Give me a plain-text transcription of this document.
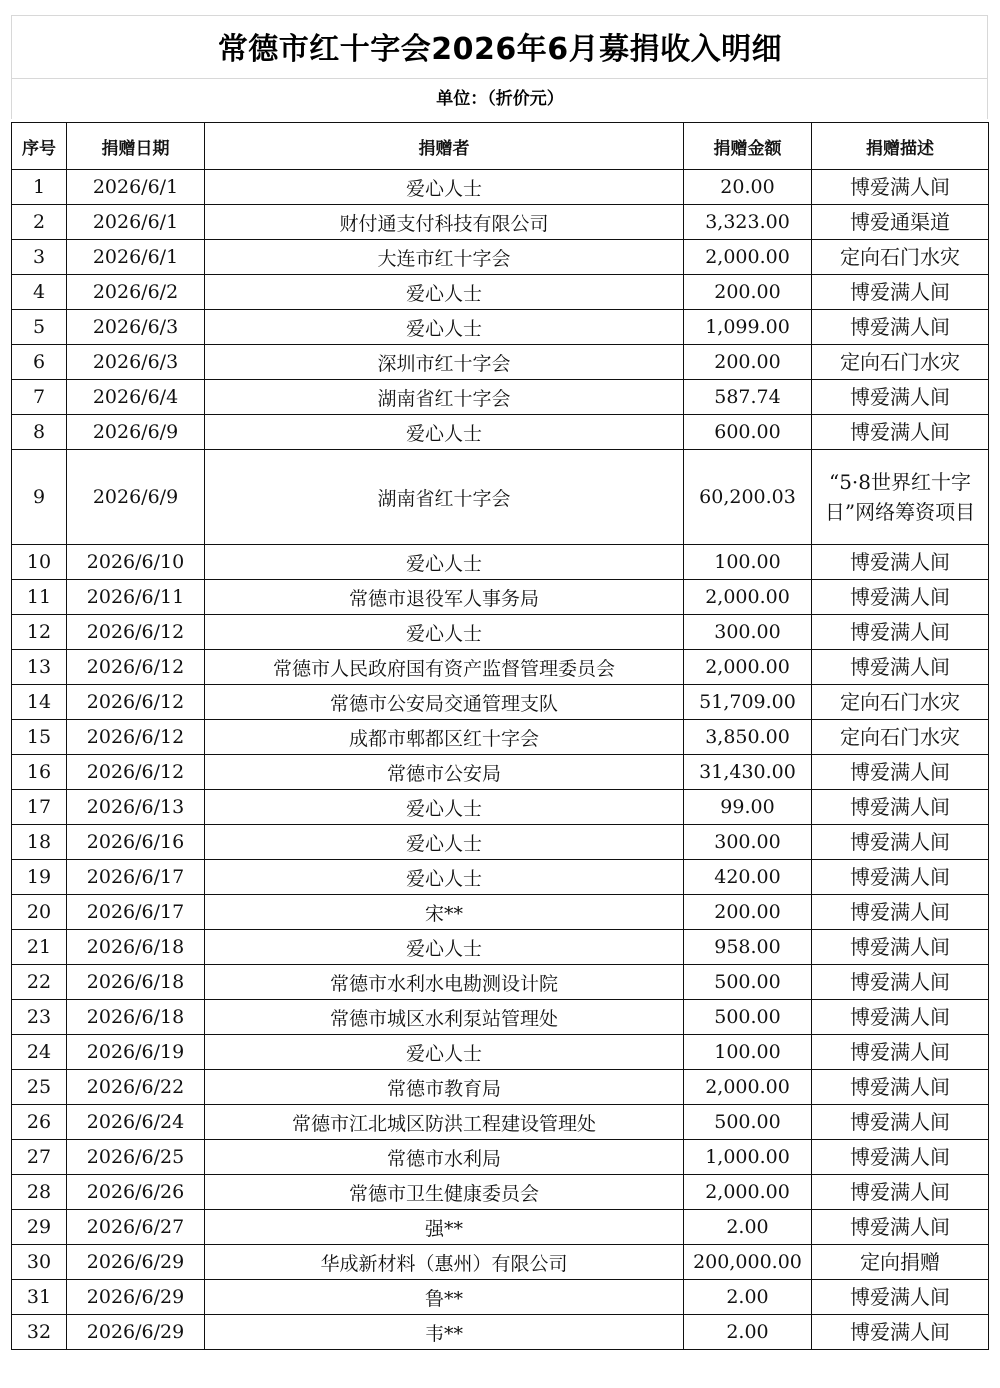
常德市红十字会2026年6月募捐收入明细
单位：（折价元）
序号	捐赠日期	捐赠者	捐赠金额	捐赠描述
1	2026/6/1	爱心人士	20.00	博爱满人间
2	2026/6/1	财付通支付科技有限公司	3,323.00	博爱通渠道
3	2026/6/1	大连市红十字会	2,000.00	定向石门水灾
4	2026/6/2	爱心人士	200.00	博爱满人间
5	2026/6/3	爱心人士	1,099.00	博爱满人间
6	2026/6/3	深圳市红十字会	200.00	定向石门水灾
7	2026/6/4	湖南省红十字会	587.74	博爱满人间
8	2026/6/9	爱心人士	600.00	博爱满人间
9	2026/6/9	湖南省红十字会	60,200.03	“5·8世界红十字日”网络筹资项目
10	2026/6/10	爱心人士	100.00	博爱满人间
11	2026/6/11	常德市退役军人事务局	2,000.00	博爱满人间
12	2026/6/12	爱心人士	300.00	博爱满人间
13	2026/6/12	常德市人民政府国有资产监督管理委员会	2,000.00	博爱满人间
14	2026/6/12	常德市公安局交通管理支队	51,709.00	定向石门水灾
15	2026/6/12	成都市郫都区红十字会	3,850.00	定向石门水灾
16	2026/6/12	常德市公安局	31,430.00	博爱满人间
17	2026/6/13	爱心人士	99.00	博爱满人间
18	2026/6/16	爱心人士	300.00	博爱满人间
19	2026/6/17	爱心人士	420.00	博爱满人间
20	2026/6/17	宋**	200.00	博爱满人间
21	2026/6/18	爱心人士	958.00	博爱满人间
22	2026/6/18	常德市水利水电勘测设计院	500.00	博爱满人间
23	2026/6/18	常德市城区水利泵站管理处	500.00	博爱满人间
24	2026/6/19	爱心人士	100.00	博爱满人间
25	2026/6/22	常德市教育局	2,000.00	博爱满人间
26	2026/6/24	常德市江北城区防洪工程建设管理处	500.00	博爱满人间
27	2026/6/25	常德市水利局	1,000.00	博爱满人间
28	2026/6/26	常德市卫生健康委员会	2,000.00	博爱满人间
29	2026/6/27	强**	2.00	博爱满人间
30	2026/6/29	华成新材料（惠州）有限公司	200,000.00	定向捐赠
31	2026/6/29	鲁**	2.00	博爱满人间
32	2026/6/29	韦**	2.00	博爱满人间
